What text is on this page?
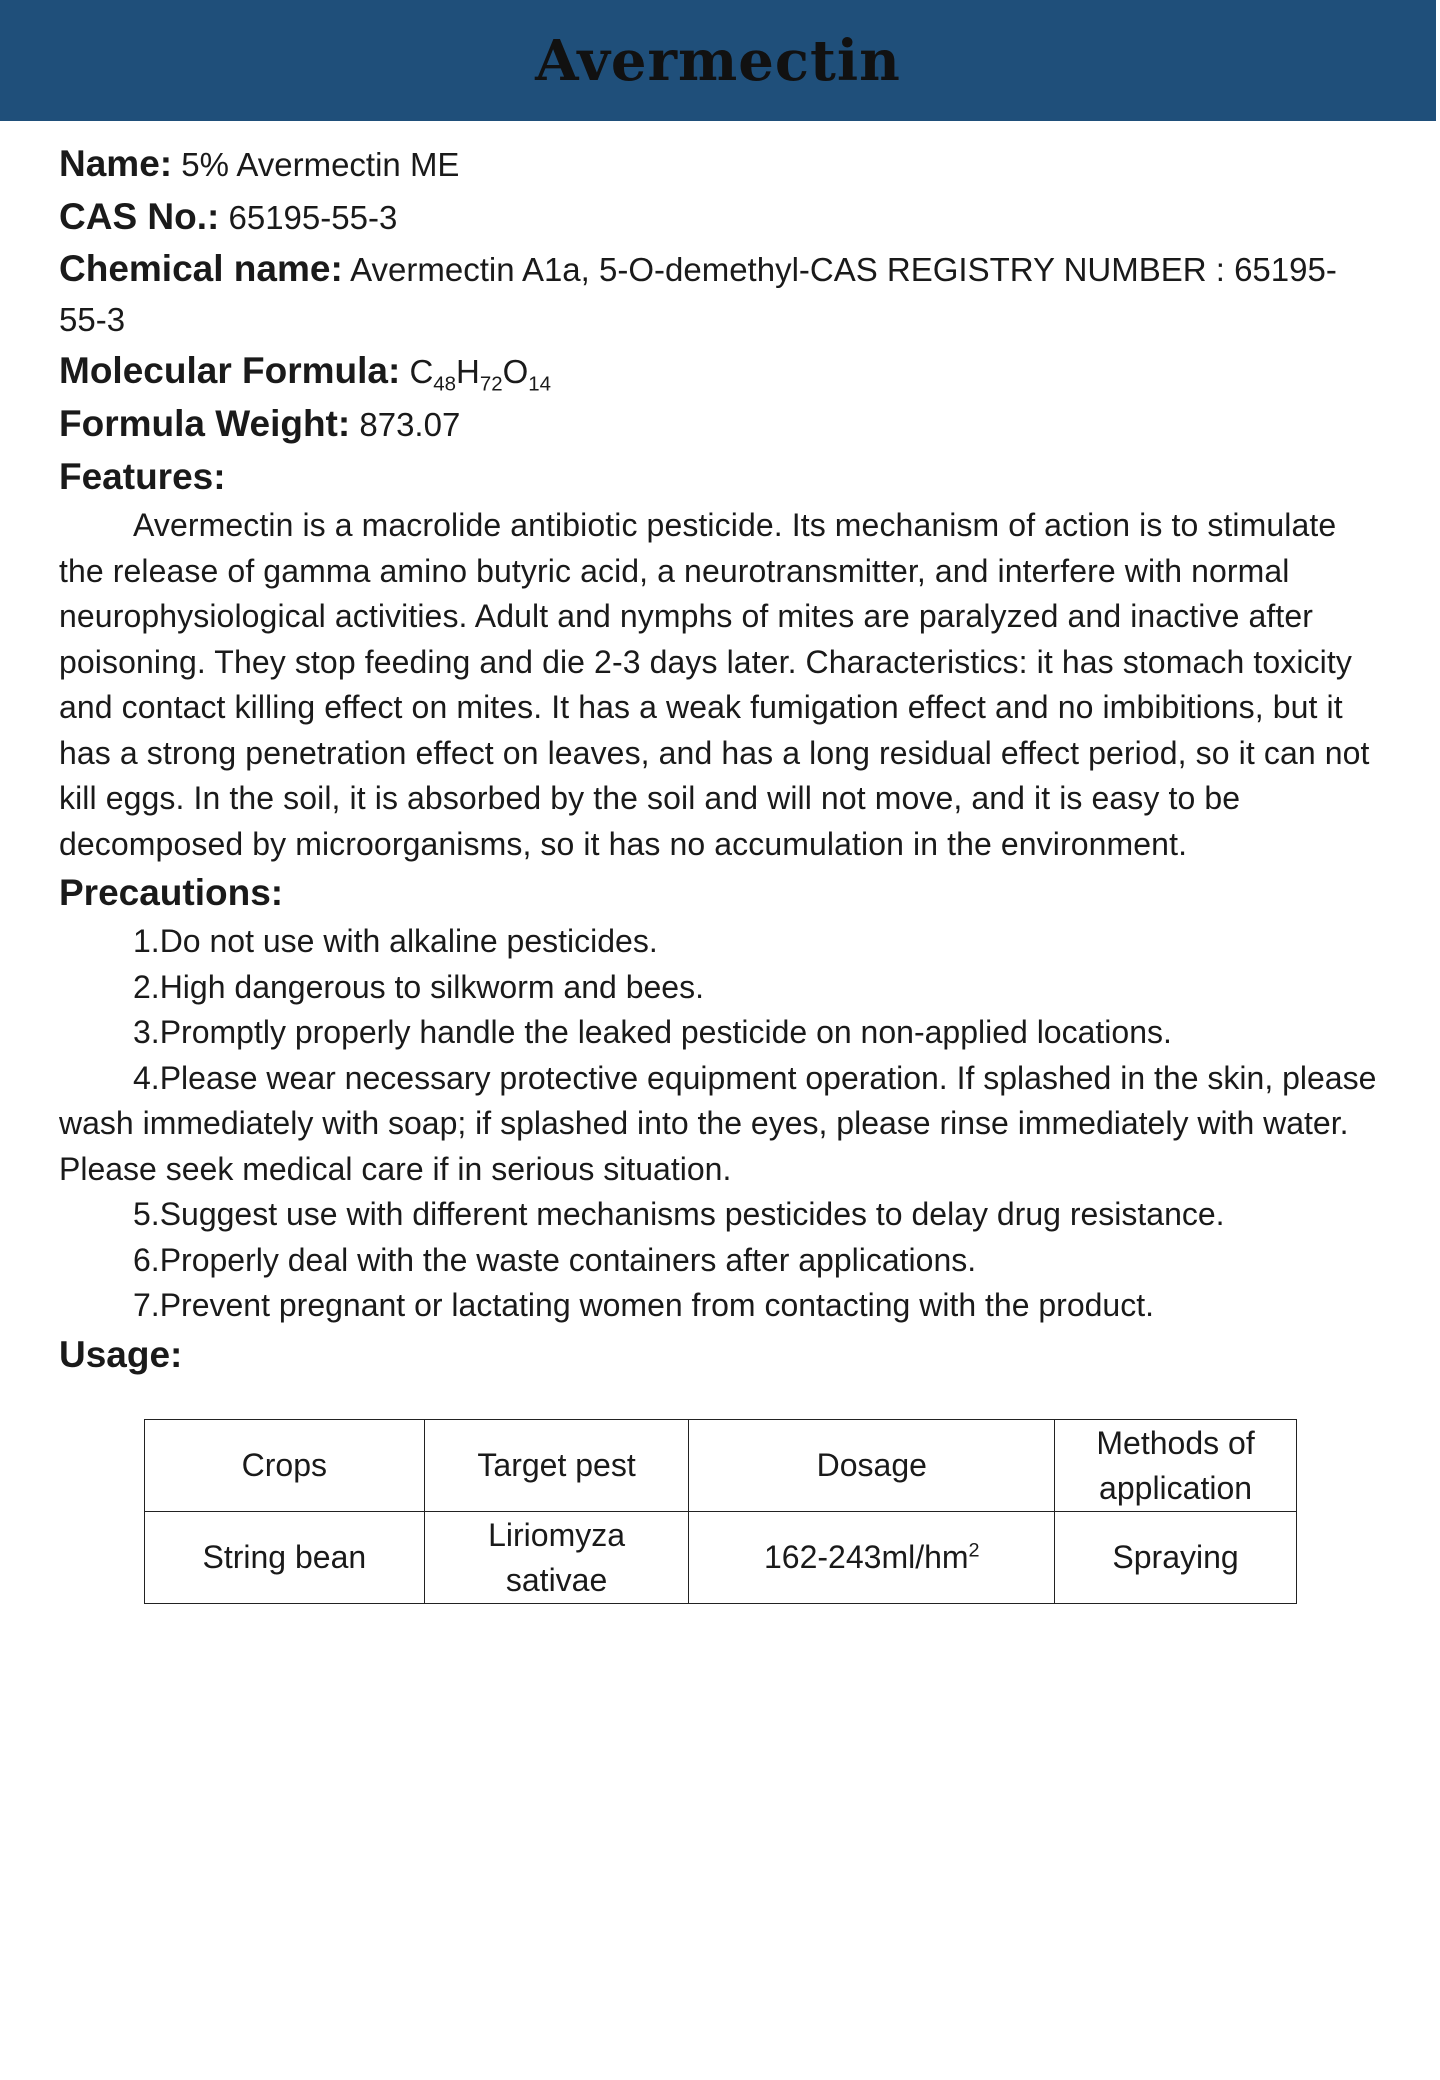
Avermectin

Name: 5% Avermectin ME

CAS No.: 65195-55-3

Chemical name: Avermectin A1a, 5-O-demethyl-CAS REGISTRY NUMBER : 65195-55-3

Molecular Formula: $C_{48}H_{72}O_{14}$

Formula Weight: 873.07

Features:

Avermectin is a macrolide antibiotic pesticide. Its mechanism of action is to stimulate the release of gamma amino butyric acid, a neurotransmitter, and interfere with normal neurophysiological activities. Adult and nymphs of mites are paralyzed and inactive after poisoning. They stop feeding and die 2-3 days later. Characteristics: it has stomach toxicity and contact killing effect on mites. It has a weak fumigation effect and no imbibitions, but it has a strong penetration effect on leaves, and has a long residual effect period, so it can not kill eggs. In the soil, it is absorbed by the soil and will not move, and it is easy to be decomposed by microorganisms, so it has no accumulation in the environment.

Precautions:

1.Do not use with alkaline pesticides.

2.High dangerous to silkworm and bees.

3.Promptly properly handle the leaked pesticide on non-applied locations.

4.Please wear necessary protective equipment operation. If splashed in the skin, please wash immediately with soap; if splashed into the eyes, please rinse immediately with water. Please seek medical care if in serious situation.

5.Suggest use with different mechanisms pesticides to delay drug resistance.

6.Properly deal with the waste containers after applications.

7.Prevent pregnant or lactating women from contacting with the product.

Usage:

Crops	Target pest	Dosage	Methods of application
String bean	Liriomyza sativae	$162-243ml/hm^2$	Spraying
